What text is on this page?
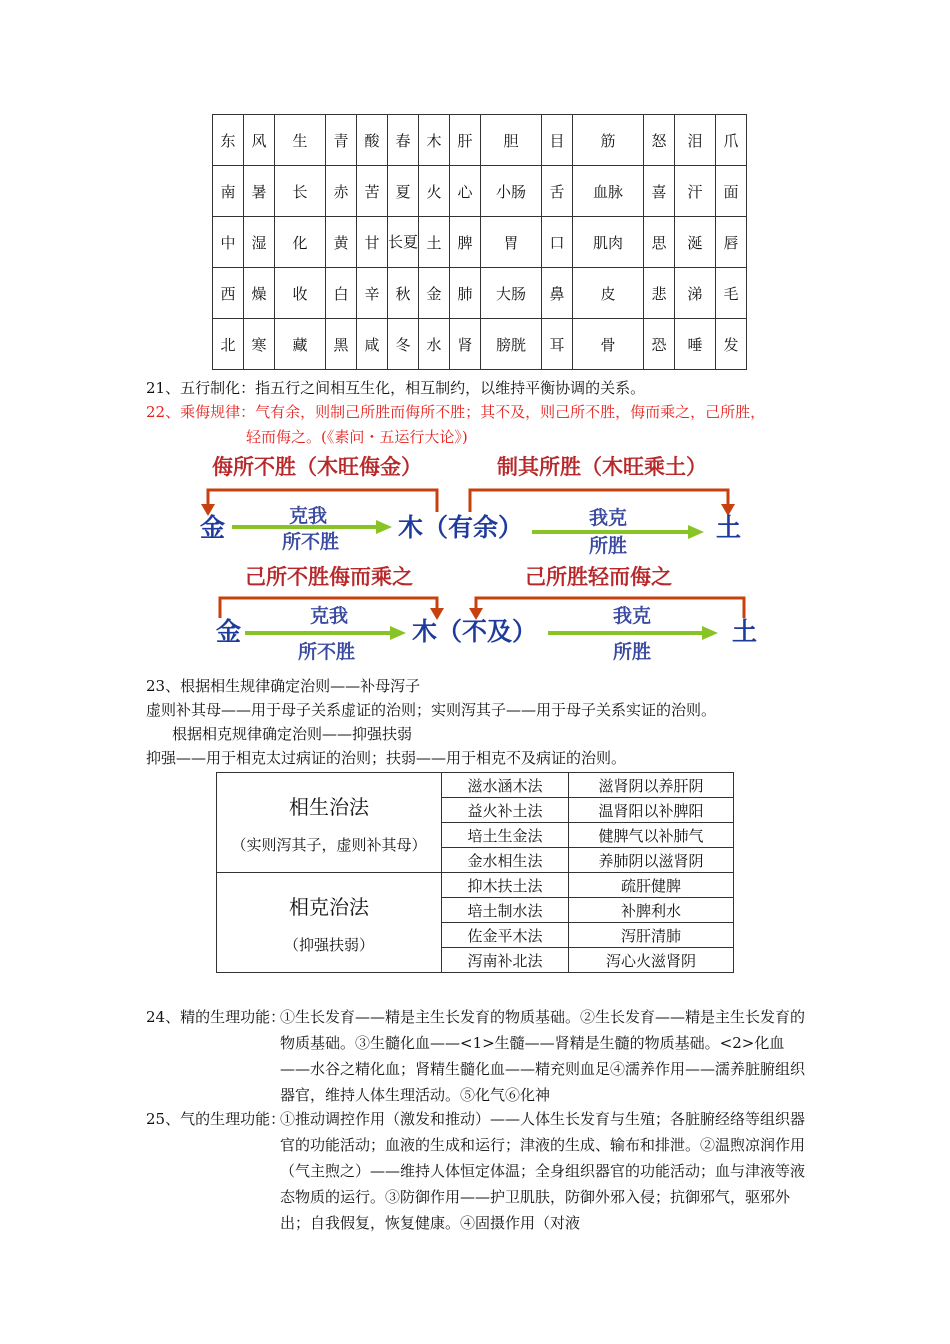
东	风	生	青	酸	春	木	肝	胆	目	筋	怒	泪	爪
南	暑	长	赤	苦	夏	火	心	小肠	舌	血脉	喜	汗	面
中	湿	化	黄	甘	长夏	土	脾	胃	口	肌肉	思	涎	唇
西	燥	收	白	辛	秋	金	肺	大肠	鼻	皮	悲	涕	毛
北	寒	藏	黑	咸	冬	水	肾	膀胱	耳	骨	恐	唾	发
21、五行制化：指五行之间相互生化，相互制约，以维持平衡协调的关系。
22、乘侮规律：气有余，则制己所胜而侮所不胜；其不及，则己所不胜，侮而乘之，己所胜，
轻而侮之。(《素问・五运行大论》)
侮所不胜（木旺侮金）	制其所胜（木旺乘土）
金	木（有余）	土
克我
所不胜
我克
所胜
己所不胜侮而乘之	己所胜轻而侮之
金	木（不及）	土
克我
所不胜
我克
所胜
23、根据相生规律确定治则——补母泻子
虚则补其母——用于母子关系虚证的治则；实则泻其子——用于母子关系实证的治则。
根据相克规律确定治则——抑强扶弱
抑强——用于相克太过病证的治则；扶弱——用于相克不及病证的治则。
相生治法
（实则泻其子，虚则补其母）	滋水涵木法	滋肾阴以养肝阴
	益火补土法	温肾阳以补脾阳
	培土生金法	健脾气以补肺气
	金水相生法	养肺阴以滋肾阴

相克治法
（抑强扶弱）	抑木扶土法	疏肝健脾
	培土制水法	补脾利水
	佐金平木法	泻肝清肺
	泻南补北法	泻心火滋肾阴
24、精的生理功能：
①生长发育——精是主生长发育的物质基础。②生长发育——精是主生长发育的物质基础。③生髓化血——<1>生髓——肾精是生髓的物质基础。<2>化血——水谷之精化血；肾精生髓化血——精充则血足④濡养作用——濡养脏腑组织器官，维持人体生理活动。⑤化气⑥化神
25、气的生理功能：
①推动调控作用（激发和推动）——人体生长发育与生殖；各脏腑经络等组织器官的功能活动；血液的生成和运行；津液的生成、输布和排泄。②温煦凉润作用（气主煦之）——维持人体恒定体温；全身组织器官的功能活动；血与津液等液态物质的运行。③防御作用——护卫肌肤，防御外邪入侵；抗御邪气，驱邪外出；自我假复，恢复健康。④固摄作用（对液
